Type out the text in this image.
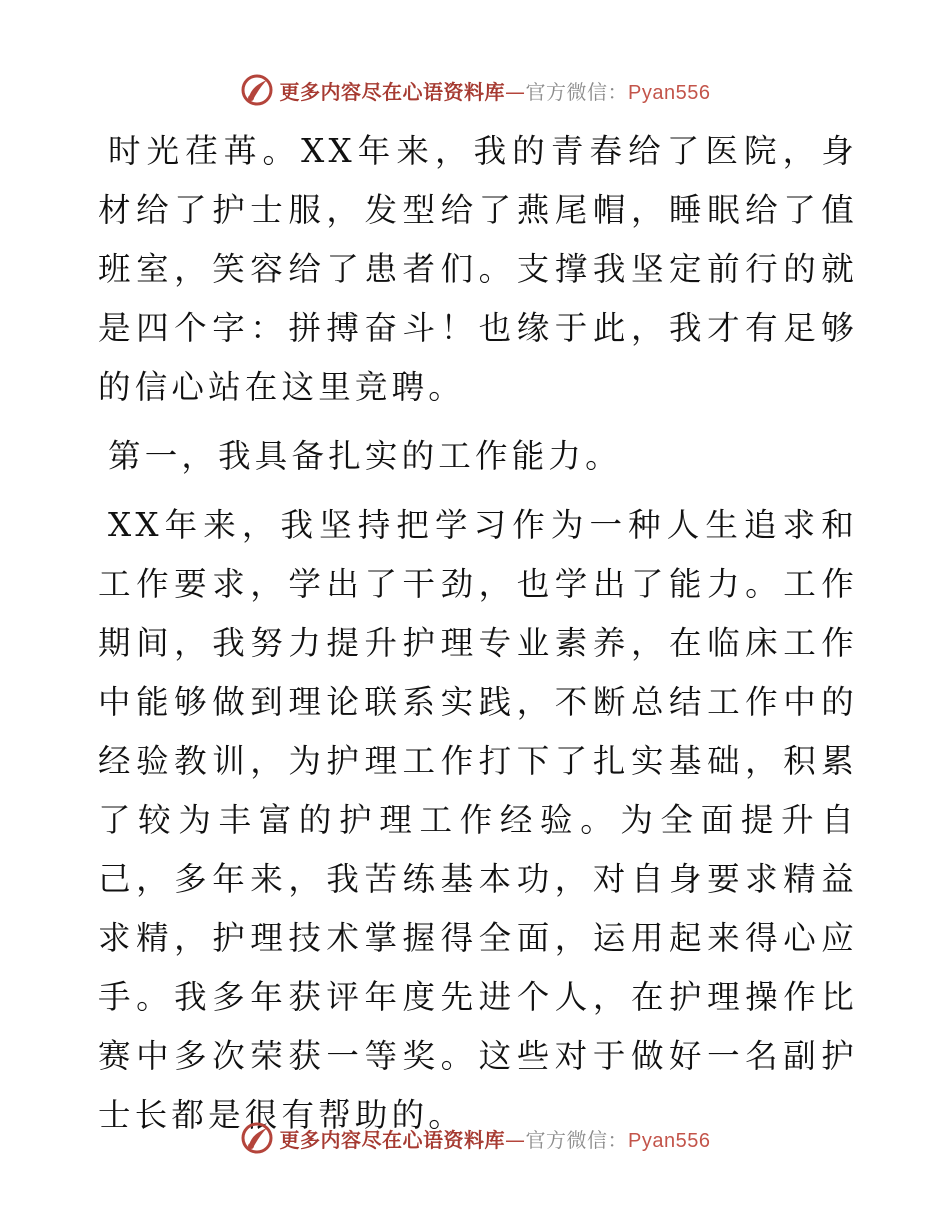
更多内容尽在心语资料库—官方微信：Pyan556

时光荏苒。XX年来，我的青春给了医院，身材给了护士服，发型给了燕尾帽，睡眠给了值班室，笑容给了患者们。支撑我坚定前行的就是四个字：拼搏奋斗！也缘于此，我才有足够的信心站在这里竞聘。

第一，我具备扎实的工作能力。

XX年来，我坚持把学习作为一种人生追求和工作要求，学出了干劲，也学出了能力。工作期间，我努力提升护理专业素养，在临床工作中能够做到理论联系实践，不断总结工作中的经验教训，为护理工作打下了扎实基础，积累了较为丰富的护理工作经验。为全面提升自己，多年来，我苦练基本功，对自身要求精益求精，护理技术掌握得全面，运用起来得心应手。我多年获评年度先进个人，在护理操作比赛中多次荣获一等奖。这些对于做好一名副护士长都是很有帮助的。

更多内容尽在心语资料库—官方微信：Pyan556
